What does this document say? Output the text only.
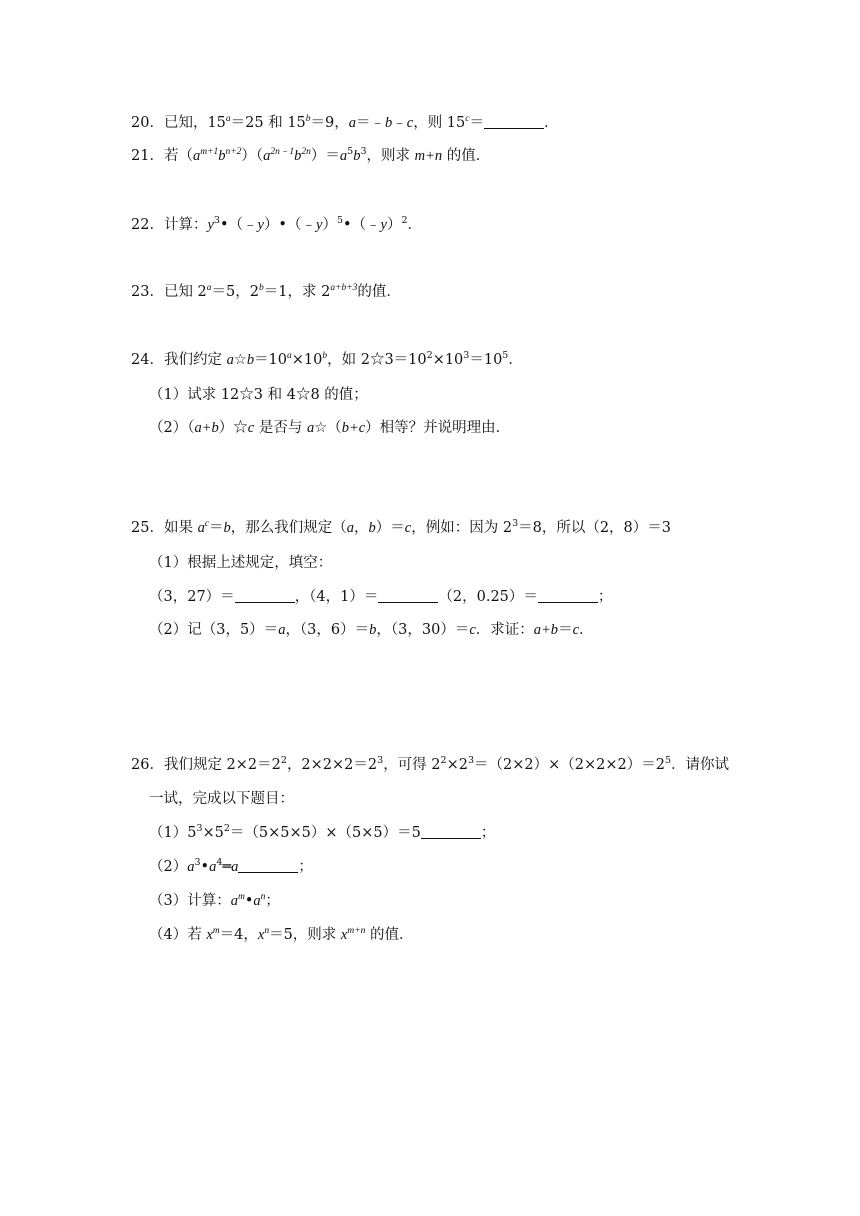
20．已知，$15^a=25$ 和 $15^b=9$，a＝﹣b﹣c，则 $15^c=$	．
21．若$(a^{m+1}b^{n+2})(a^{2n﹣1}b^{2n})=a^5b^3$，则求 m+n 的值．
22．计算：$y^3•(﹣y)•(﹣y)^5•(﹣y)^2$．
23．已知 $2^a=5$，$2^b=1$，求 $2^{a+b+3}$的值．
24．我们约定 $a☆b=10^a\times 10^b$，如 $2☆3=10^2\times 10^3=10^5$．
（1）试求 12☆3 和 4☆8 的值；
（2）（a+b）☆c 是否与 a☆（b+c）相等？并说明理由．
25．如果 $a^c=b$，那么我们规定（a，b）＝c，例如：因为 $2^3=8$，所以（2，8）＝3
（1）根据上述规定，填空：
（3，27）＝	，（4，1）＝	（2，0.25）＝	；
（2）记（3，5）＝a，（3，6）＝b，（3，30）＝c．求证：a+b＝c．
26．我们规定 $2\times 2=2^2$，$2\times 2\times 2=2^3$，可得 $2^2\times 2^3=(2\times 2)\times(2\times 2\times 2)=2^5$．请你试
一试，完成以下题目：
$(1)5^3\times 5^2=(5\times 5\times 5)\times(5\times 5)=5$	；
$(2)a^3•a^4═a$	；
（3）计算：$a^m•a^n$；
（4）若 $x^m=4$，$x^n=5$，则求 $x^{m+n}$ 的值．
